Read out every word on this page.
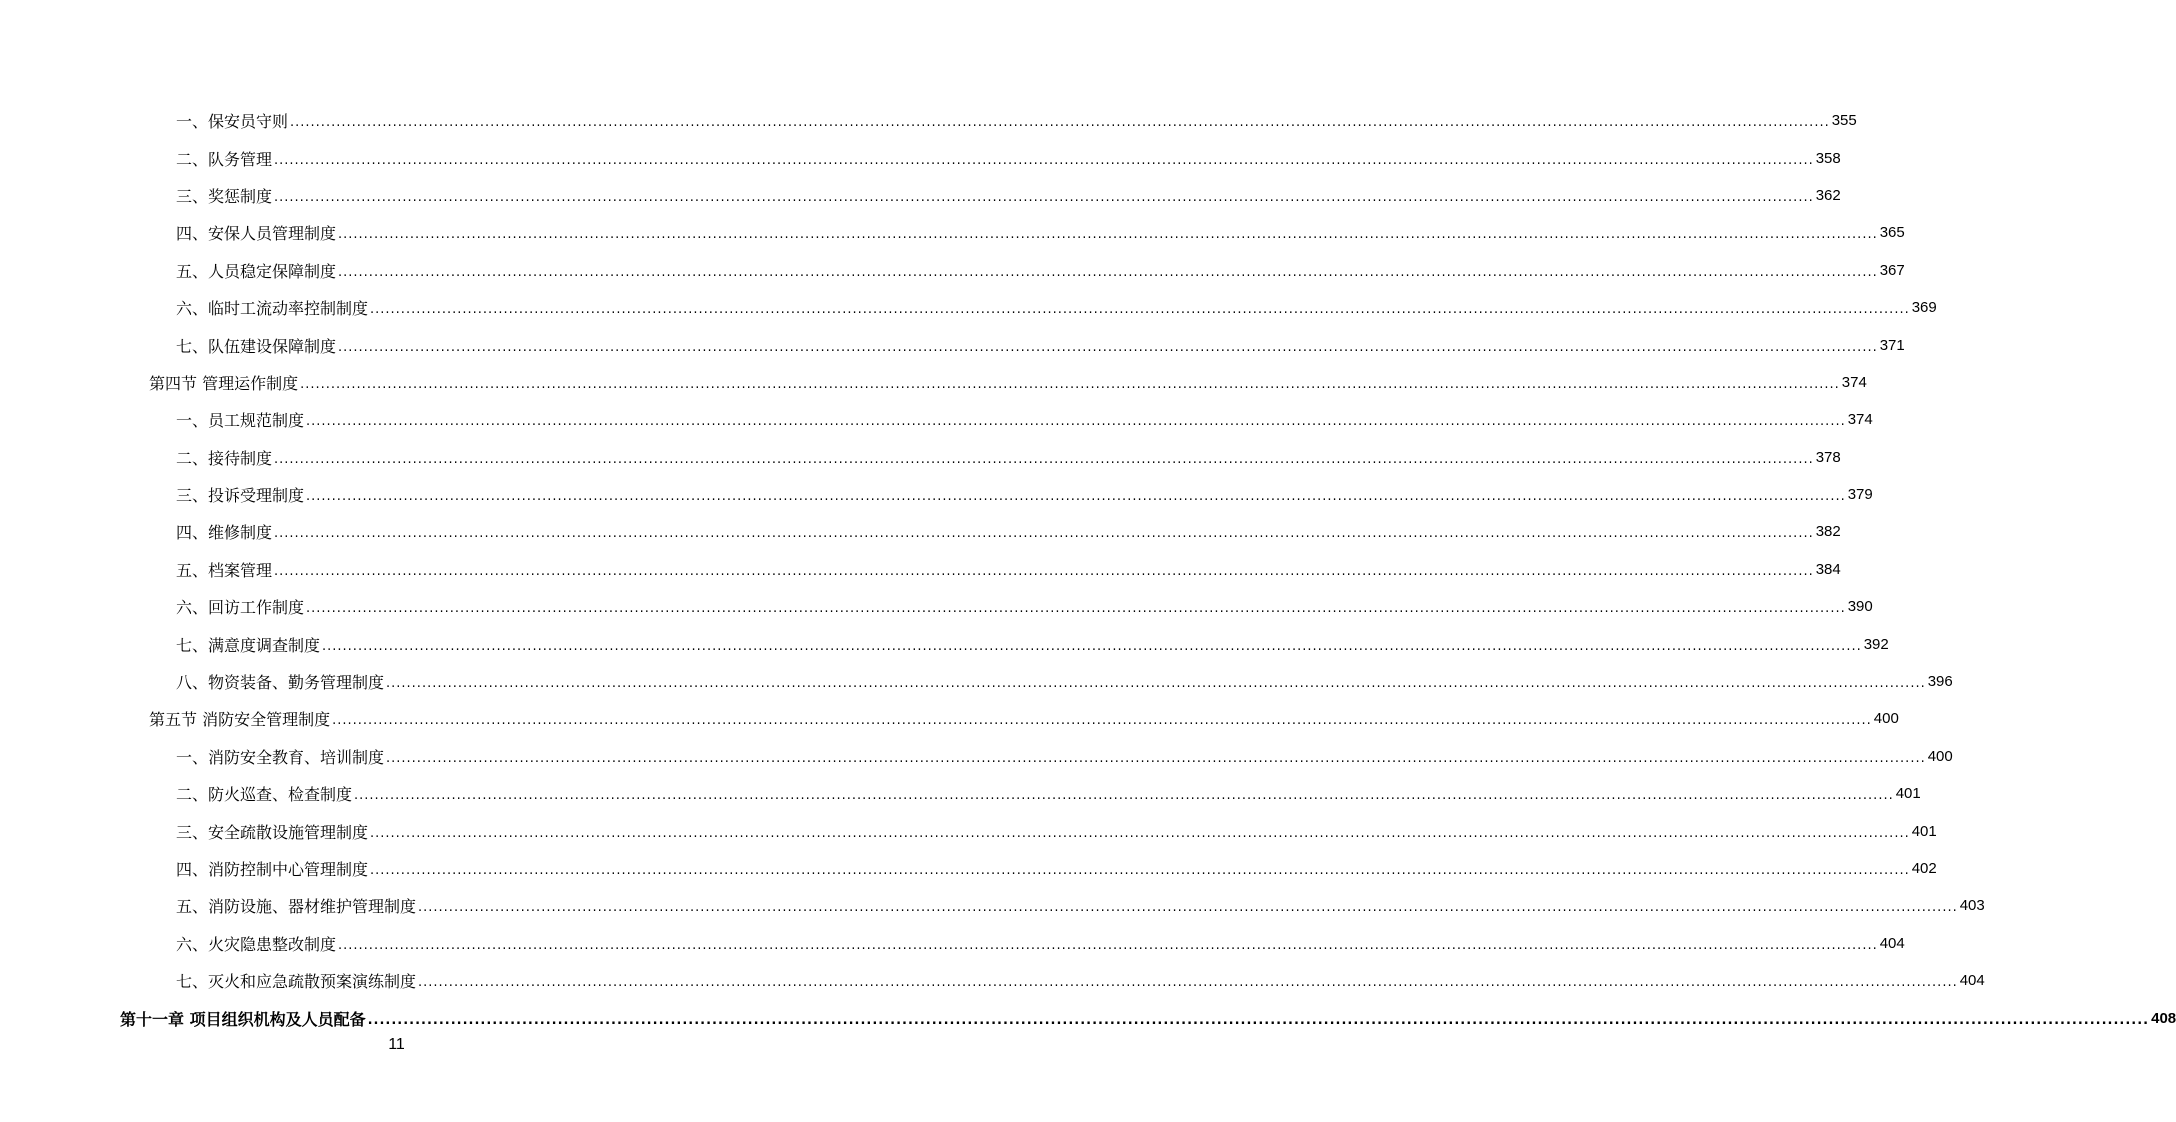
一、保安员守则 ............................................................................................................................................................................................................................................................................................................ 355
二、队务管理 ............................................................................................................................................................................................................................................................................................................ 358
三、奖惩制度 ............................................................................................................................................................................................................................................................................................................ 362
四、安保人员管理制度 ............................................................................................................................................................................................................................................................................................................ 365
五、人员稳定保障制度 ............................................................................................................................................................................................................................................................................................................ 367
六、临时工流动率控制制度 ............................................................................................................................................................................................................................................................................................................ 369
七、队伍建设保障制度 ............................................................................................................................................................................................................................................................................................................ 371
第四节 管理运作制度 ............................................................................................................................................................................................................................................................................................................ 374
一、员工规范制度 ............................................................................................................................................................................................................................................................................................................ 374
二、接待制度 ............................................................................................................................................................................................................................................................................................................ 378
三、投诉受理制度 ............................................................................................................................................................................................................................................................................................................ 379
四、维修制度 ............................................................................................................................................................................................................................................................................................................ 382
五、档案管理 ............................................................................................................................................................................................................................................................................................................ 384
六、回访工作制度 ............................................................................................................................................................................................................................................................................................................ 390
七、满意度调查制度 ............................................................................................................................................................................................................................................................................................................ 392
八、物资装备、勤务管理制度 ............................................................................................................................................................................................................................................................................................................ 396
第五节 消防安全管理制度 ............................................................................................................................................................................................................................................................................................................ 400
一、消防安全教育、培训制度 ............................................................................................................................................................................................................................................................................................................ 400
二、防火巡查、检查制度 ............................................................................................................................................................................................................................................................................................................ 401
三、安全疏散设施管理制度 ............................................................................................................................................................................................................................................................................................................ 401
四、消防控制中心管理制度 ............................................................................................................................................................................................................................................................................................................ 402
五、消防设施、器材维护管理制度 ............................................................................................................................................................................................................................................................................................................ 403
六、火灾隐患整改制度 ............................................................................................................................................................................................................................................................................................................ 404
七、灭火和应急疏散预案演练制度 ............................................................................................................................................................................................................................................................................................................ 404
第十一章 项目组织机构及人员配备 ............................................................................................................................................................................................................................................................................................................ 408
11
